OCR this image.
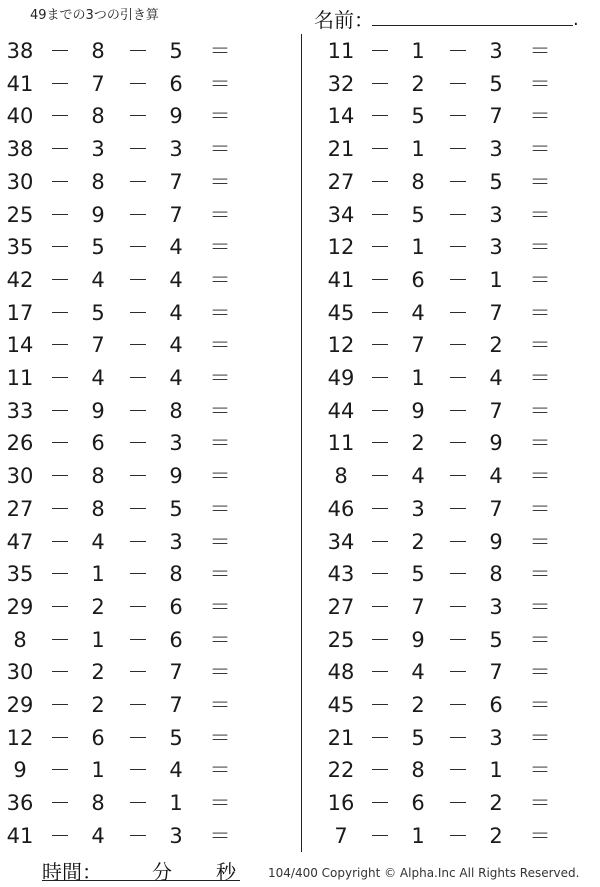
49までの3つの引き算	名前：	.
38 － 8 － 5 ＝
41 － 7 － 6 ＝
40 － 8 － 9 ＝
38 － 3 － 3 ＝
30 － 8 － 7 ＝
25 － 9 － 7 ＝
35 － 5 － 4 ＝
42 － 4 － 4 ＝
17 － 5 － 4 ＝
14 － 7 － 4 ＝
11 － 4 － 4 ＝
33 － 9 － 8 ＝
26 － 6 － 3 ＝
30 － 8 － 9 ＝
27 － 8 － 5 ＝
47 － 4 － 3 ＝
35 － 1 － 8 ＝
29 － 2 － 6 ＝
8	－ 1 － 6 ＝
30 － 2 － 7 ＝
29 － 2 － 7 ＝
12 － 6 － 5 ＝
9	－ 1 － 4 ＝
36 － 8 － 1 ＝
41 － 4 － 3 ＝
11 － 1 － 3 ＝
32 － 2 － 5 ＝
14 － 5 － 7 ＝
21 － 1 － 3 ＝
27 － 8 － 5 ＝
34 － 5 － 3 ＝
12 － 1 － 3 ＝
41 － 6 － 1 ＝
45 － 4 － 7 ＝
12 － 7 － 2 ＝
49 － 1 － 4 ＝
44 － 9 － 7 ＝
11 － 2 － 9 ＝
8	－ 4 － 4 ＝
46 － 3 － 7 ＝
34 － 2 － 9 ＝
43 － 5 － 8 ＝
27 － 7 － 3 ＝
25 － 9 － 5 ＝
48 － 4 － 7 ＝
45 － 2 － 6 ＝
21 － 5 － 3 ＝
22 － 8 － 1 ＝
16 － 6 － 2 ＝
7	－ 1 － 2 ＝
時間：	分 秒	104/400 Copyright © Alpha.Inc All Rights Reserved.
